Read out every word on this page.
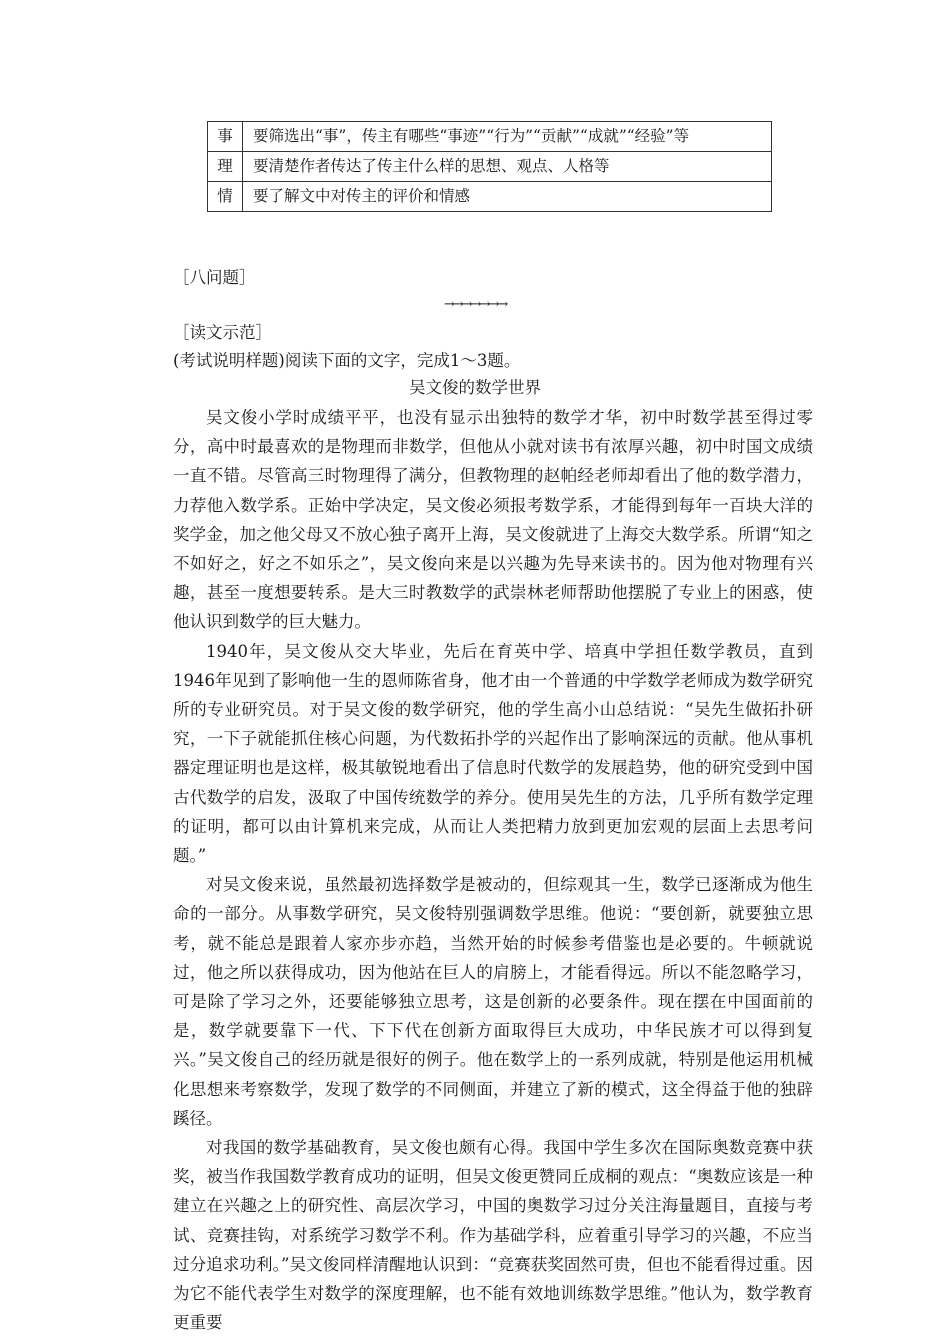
事	要筛选出“事”，传主有哪些“事迹”“行为”“贡献”“成就”“经验”等
理	要清楚作者传达了传主什么样的思想、观点、人格等
情	要了解文中对传主的评价和情感
［八问题］
→→→→→→→
［读文示范］
(考试说明样题)阅读下面的文字，完成1～3题。
吴文俊的数学世界

吴文俊小学时成绩平平，也没有显示出独特的数学才华，初中时数学甚至得过零分，高中时最喜欢的是物理而非数学，但他从小就对读书有浓厚兴趣，初中时国文成绩一直不错。尽管高三时物理得了满分，但教物理的赵帕经老师却看出了他的数学潜力，力荐他入数学系。正始中学决定，吴文俊必须报考数学系，才能得到每年一百块大洋的奖学金，加之他父母又不放心独子离开上海，吴文俊就进了上海交大数学系。所谓“知之不如好之，好之不如乐之”，吴文俊向来是以兴趣为先导来读书的。因为他对物理有兴趣，甚至一度想要转系。是大三时教数学的武崇林老师帮助他摆脱了专业上的困惑，使他认识到数学的巨大魅力。

1940年，吴文俊从交大毕业，先后在育英中学、培真中学担任数学教员，直到1946年见到了影响他一生的恩师陈省身，他才由一个普通的中学数学老师成为数学研究所的专业研究员。对于吴文俊的数学研究，他的学生高小山总结说：“吴先生做拓扑研究，一下子就能抓住核心问题，为代数拓扑学的兴起作出了影响深远的贡献。他从事机器定理证明也是这样，极其敏锐地看出了信息时代数学的发展趋势，他的研究受到中国古代数学的启发，汲取了中国传统数学的养分。使用吴先生的方法，几乎所有数学定理的证明，都可以由计算机来完成，从而让人类把精力放到更加宏观的层面上去思考问题。”

对吴文俊来说，虽然最初选择数学是被动的，但综观其一生，数学已逐渐成为他生命的一部分。从事数学研究，吴文俊特别强调数学思维。他说：“要创新，就要独立思考，就不能总是跟着人家亦步亦趋，当然开始的时候参考借鉴也是必要的。牛顿就说过，他之所以获得成功，因为他站在巨人的肩膀上，才能看得远。所以不能忽略学习，可是除了学习之外，还要能够独立思考，这是创新的必要条件。现在摆在中国面前的是，数学就要靠下一代、下下代在创新方面取得巨大成功，中华民族才可以得到复兴。”吴文俊自己的经历就是很好的例子。他在数学上的一系列成就，特别是他运用机械化思想来考察数学，发现了数学的不同侧面，并建立了新的模式，这全得益于他的独辟蹊径。

对我国的数学基础教育，吴文俊也颇有心得。我国中学生多次在国际奥数竞赛中获奖，被当作我国数学教育成功的证明，但吴文俊更赞同丘成桐的观点：“奥数应该是一种建立在兴趣之上的研究性、高层次学习，中国的奥数学习过分关注海量题目，直接与考试、竞赛挂钩，对系统学习数学不利。作为基础学科，应着重引导学习的兴趣，不应当过分追求功利。”吴文俊同样清醒地认识到：“竞赛获奖固然可贵，但也不能看得过重。因为它不能代表学生对数学的深度理解，也不能有效地训练数学思维。”他认为，数学教育更重要
